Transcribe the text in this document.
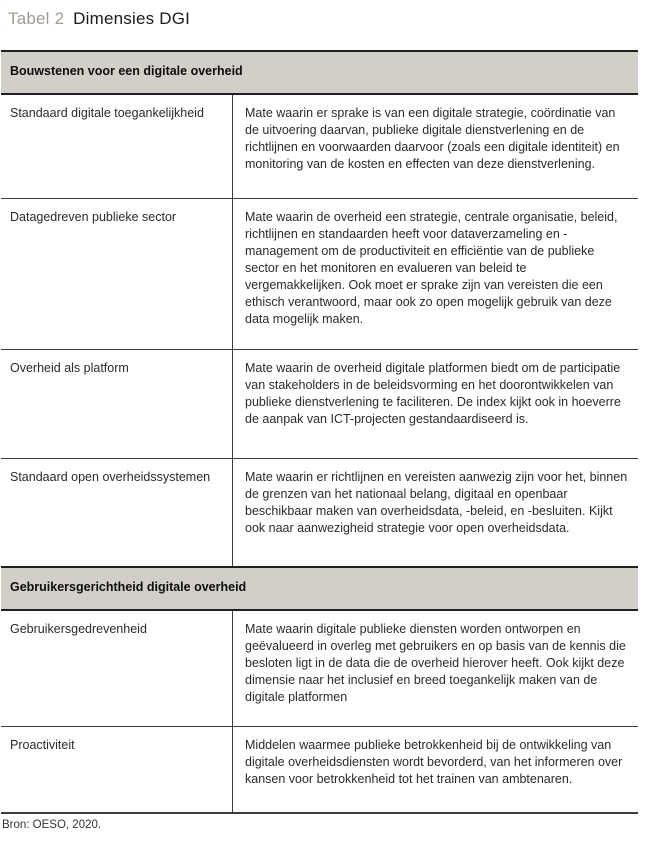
Tabel 2 Dimensies DGI
Bouwstenen voor een digitale overheid
Standaard digitale toegankelijkheid	Mate waarin er sprake is van een digitale strategie, coördinatie van de uitvoering daarvan, publieke digitale dienstverlening en de richtlijnen en voorwaarden daarvoor (zoals een digitale identiteit) en monitoring van de kosten en effecten van deze dienstverlening.
Datagedreven publieke sector	Mate waarin de overheid een strategie, centrale organisatie, beleid, richtlijnen en standaarden heeft voor dataverzameling en -management om de productiviteit en efficiëntie van de publieke sector en het monitoren en evalueren van beleid te vergemakkelijken. Ook moet er sprake zijn van vereisten die een ethisch verantwoord, maar ook zo open mogelijk gebruik van deze data mogelijk maken.
Overheid als platform	Mate waarin de overheid digitale platformen biedt om de participatie van stakeholders in de beleidsvorming en het doorontwikkelen van publieke dienstverlening te faciliteren. De index kijkt ook in hoeverre de aanpak van ICT-projecten gestandaardiseerd is.
Standaard open overheidssystemen	Mate waarin er richtlijnen en vereisten aanwezig zijn voor het, binnen de grenzen van het nationaal belang, digitaal en openbaar beschikbaar maken van overheidsdata, -beleid, en -besluiten. Kijkt ook naar aanwezigheid strategie voor open overheidsdata.
Gebruikersgerichtheid digitale overheid
Gebruikersgedrevenheid	Mate waarin digitale publieke diensten worden ontworpen en geëvalueerd in overleg met gebruikers en op basis van de kennis die besloten ligt in de data die de overheid hierover heeft. Ook kijkt deze dimensie naar het inclusief en breed toegankelijk maken van de digitale platformen
Proactiviteit	Middelen waarmee publieke betrokkenheid bij de ontwikkeling van digitale overheidsdiensten wordt bevorderd, van het informeren over kansen voor betrokkenheid tot het trainen van ambtenaren.
Bron: OESO, 2020.
